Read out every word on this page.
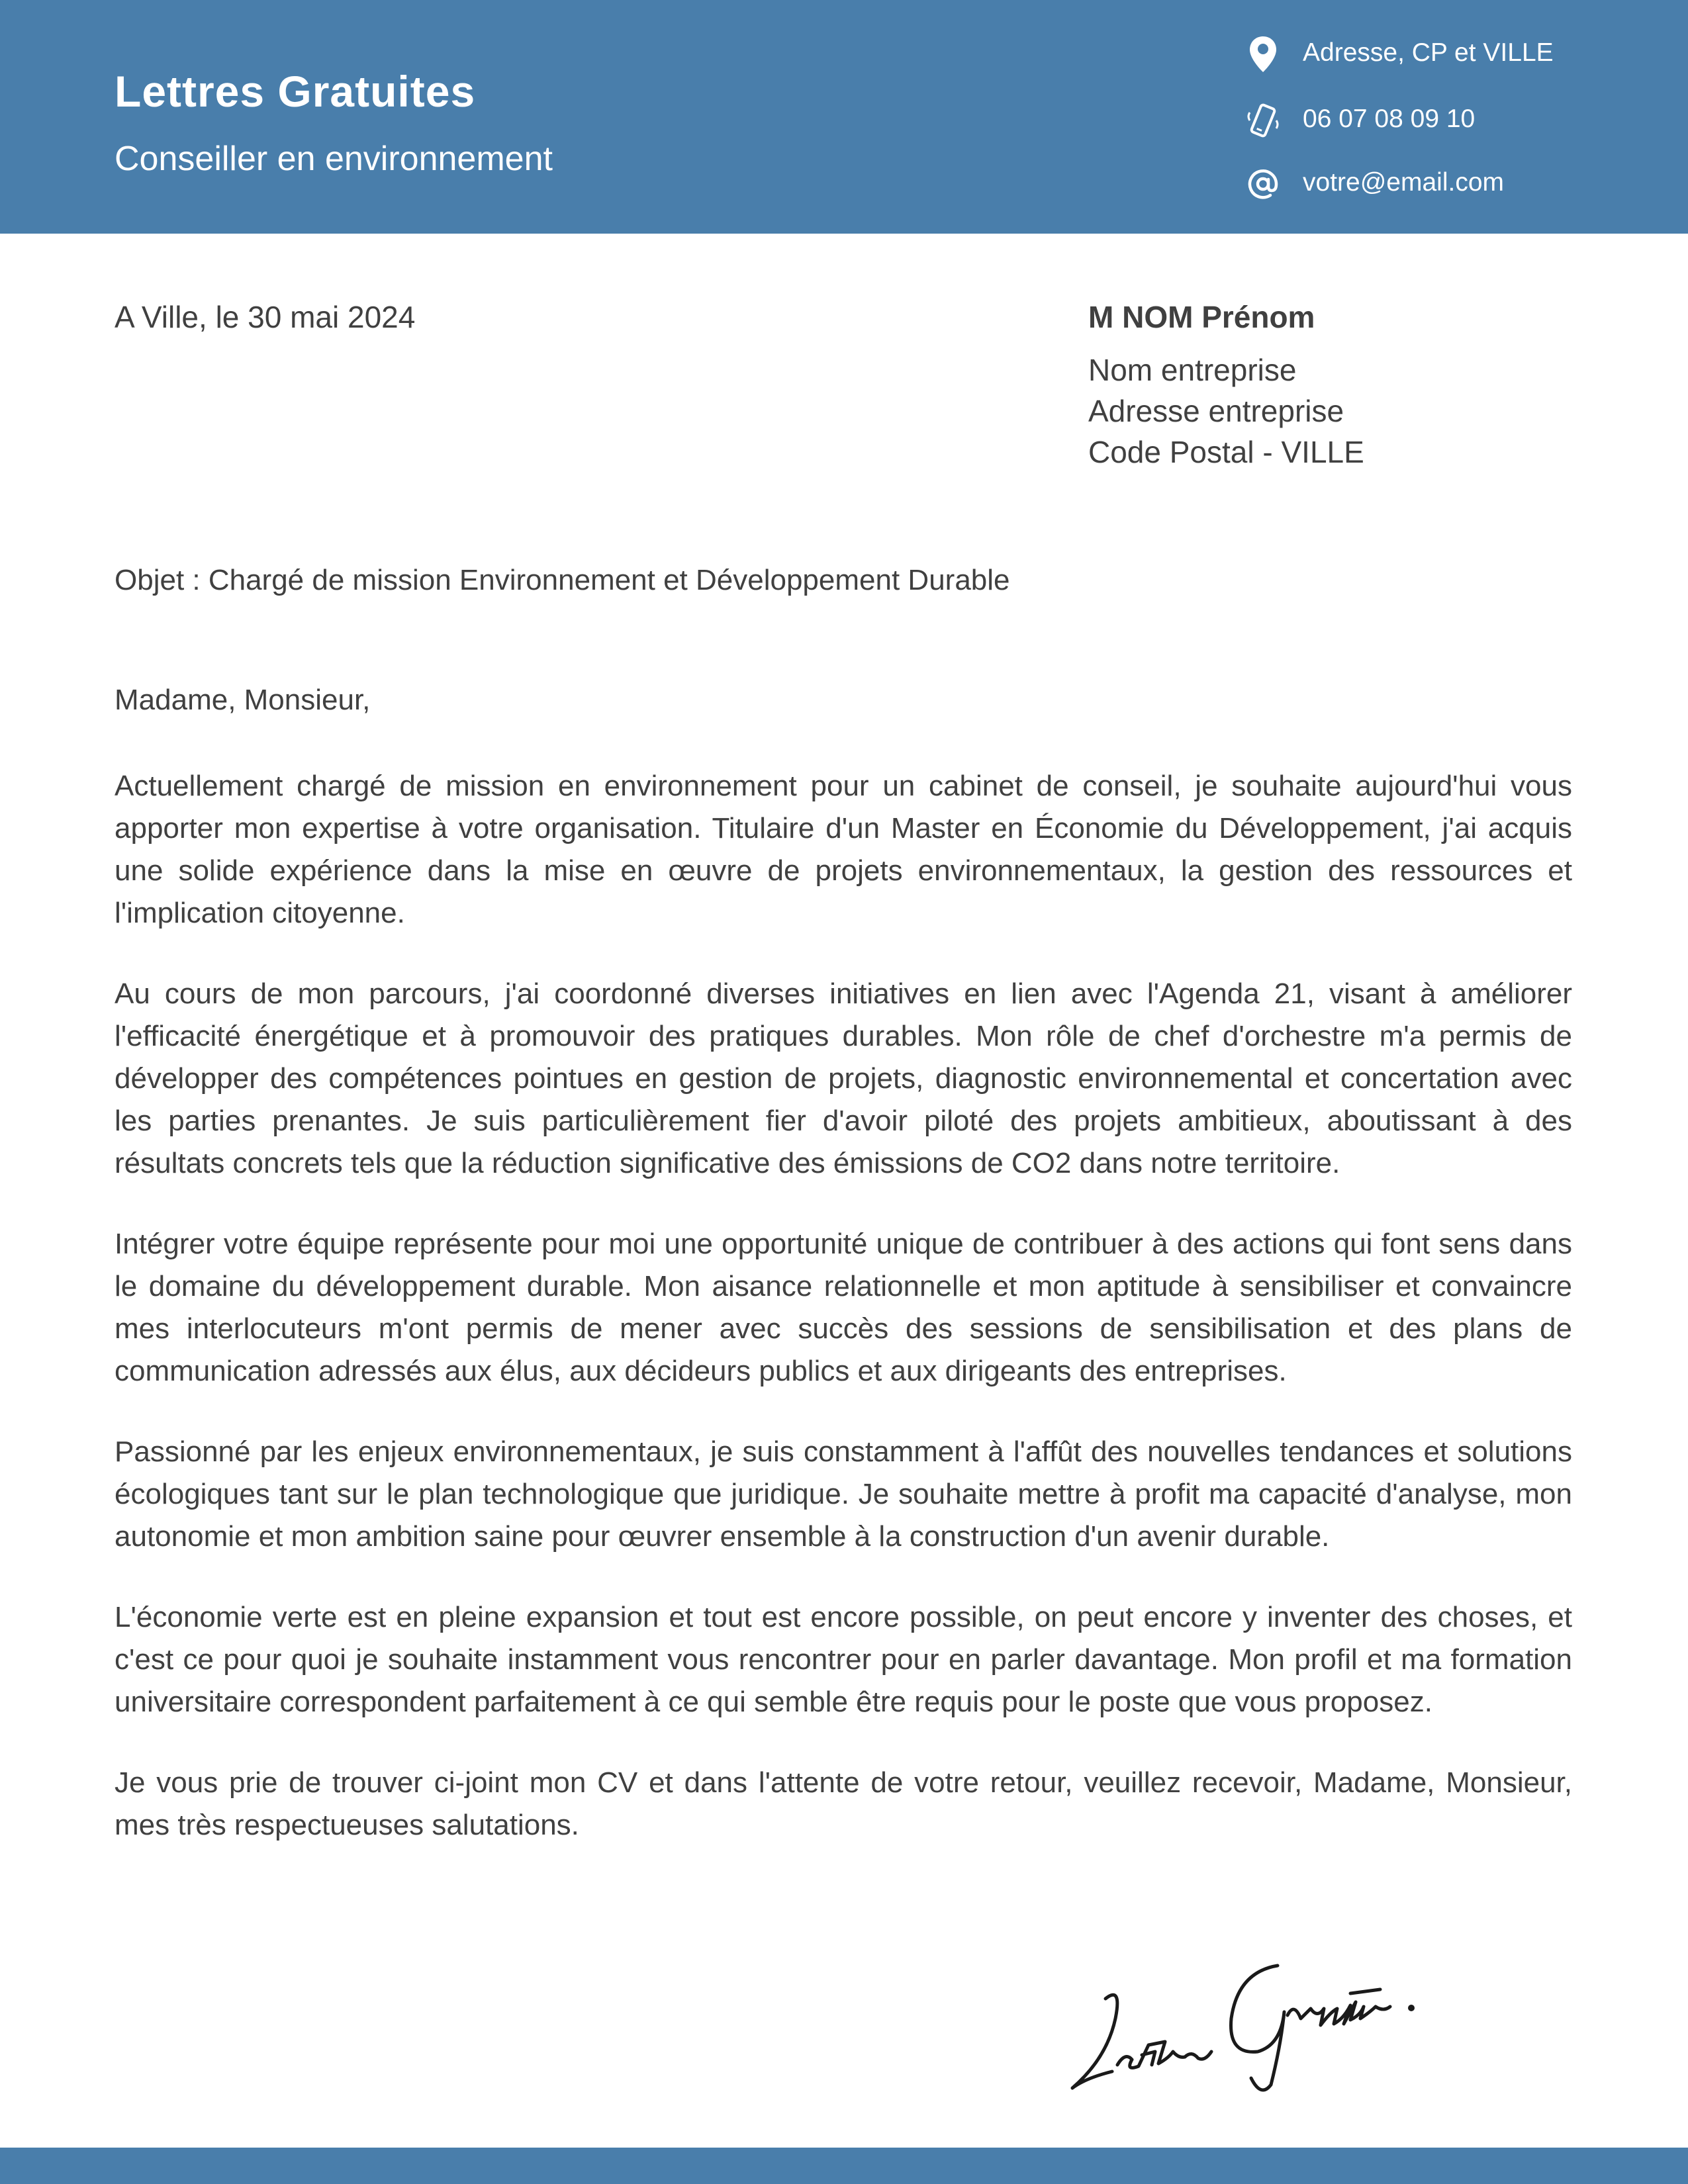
Lettres Gratuites
Conseiller en environnement
Adresse, CP et VILLE
06 07 08 09 10
votre@email.com
A Ville, le 30 mai 2024	M NOM Prénom
Nom entreprise
Adresse entreprise
Code Postal - VILLE
Objet : Chargé de mission Environnement et Développement Durable
Madame, Monsieur,

Actuellement chargé de mission en environnement pour un cabinet de conseil, je souhaite aujourd'hui vous apporter mon expertise à votre organisation. Titulaire d'un Master en Économie du Développement, j'ai acquis une solide expérience dans la mise en œuvre de projets environnementaux, la gestion des ressources et l'implication citoyenne.

Au cours de mon parcours, j'ai coordonné diverses initiatives en lien avec l'Agenda 21, visant à améliorer l'efficacité énergétique et à promouvoir des pratiques durables. Mon rôle de chef d'orchestre m'a permis de développer des compétences pointues en gestion de projets, diagnostic environnemental et concertation avec les parties prenantes. Je suis particulièrement fier d'avoir piloté des projets ambitieux, aboutissant à des résultats concrets tels que la réduction significative des émissions de CO2 dans notre territoire.

Intégrer votre équipe représente pour moi une opportunité unique de contribuer à des actions qui font sens dans le domaine du développement durable. Mon aisance relationnelle et mon aptitude à sensibiliser et convaincre mes interlocuteurs m'ont permis de mener avec succès des sessions de sensibilisation et des plans de communication adressés aux élus, aux décideurs publics et aux dirigeants des entreprises.

Passionné par les enjeux environnementaux, je suis constamment à l'affût des nouvelles tendances et solutions écologiques tant sur le plan technologique que juridique. Je souhaite mettre à profit ma capacité d'analyse, mon autonomie et mon ambition saine pour œuvrer ensemble à la construction d'un avenir durable.

L'économie verte est en pleine expansion et tout est encore possible, on peut encore y inventer des choses, et c'est ce pour quoi je souhaite instamment vous rencontrer pour en parler davantage. Mon profil et ma formation universitaire correspondent parfaitement à ce qui semble être requis pour le poste que vous proposez.

Je vous prie de trouver ci-joint mon CV et dans l'attente de votre retour, veuillez recevoir, Madame, Monsieur, mes très respectueuses salutations.
